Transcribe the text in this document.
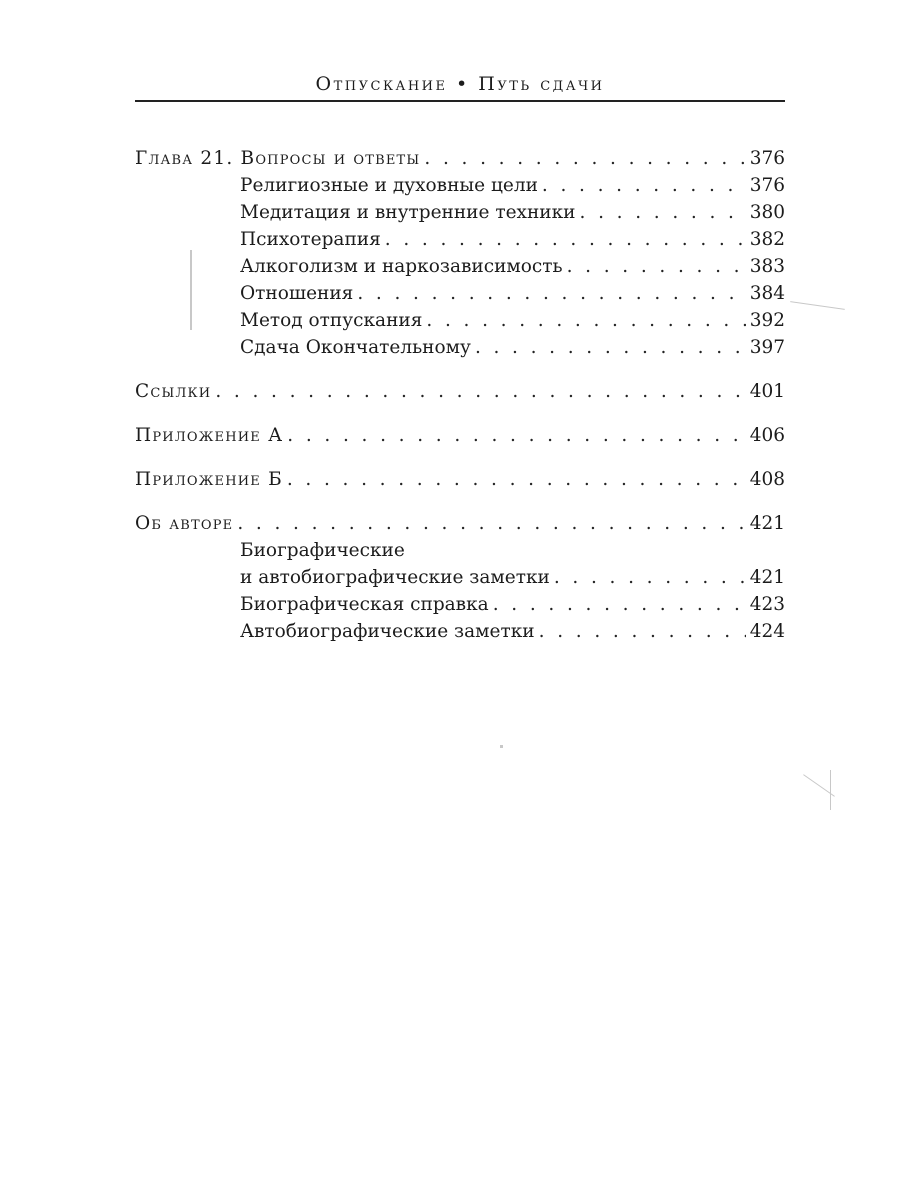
Отпускание • Путь сдачи
Глава 21. Вопросы и ответы . . .	376
Религиозные и духовные цели . . .	376
Медитация и внутренние техники . . .	380
Психотерапия . . .	382
Алкоголизм и наркозависимость . . .	383
Отношения . . .	384
Метод отпускания . . .	392
Сдача Окончательному . . .	397
Ссылки . . .	401
Приложение А . . .	406
Приложение Б . . .	408
Об авторе . . .	421
Биографические
и автобиографические заметки . . .	421
Биографическая справка . . .	423
Автобиографические заметки . . .	424
